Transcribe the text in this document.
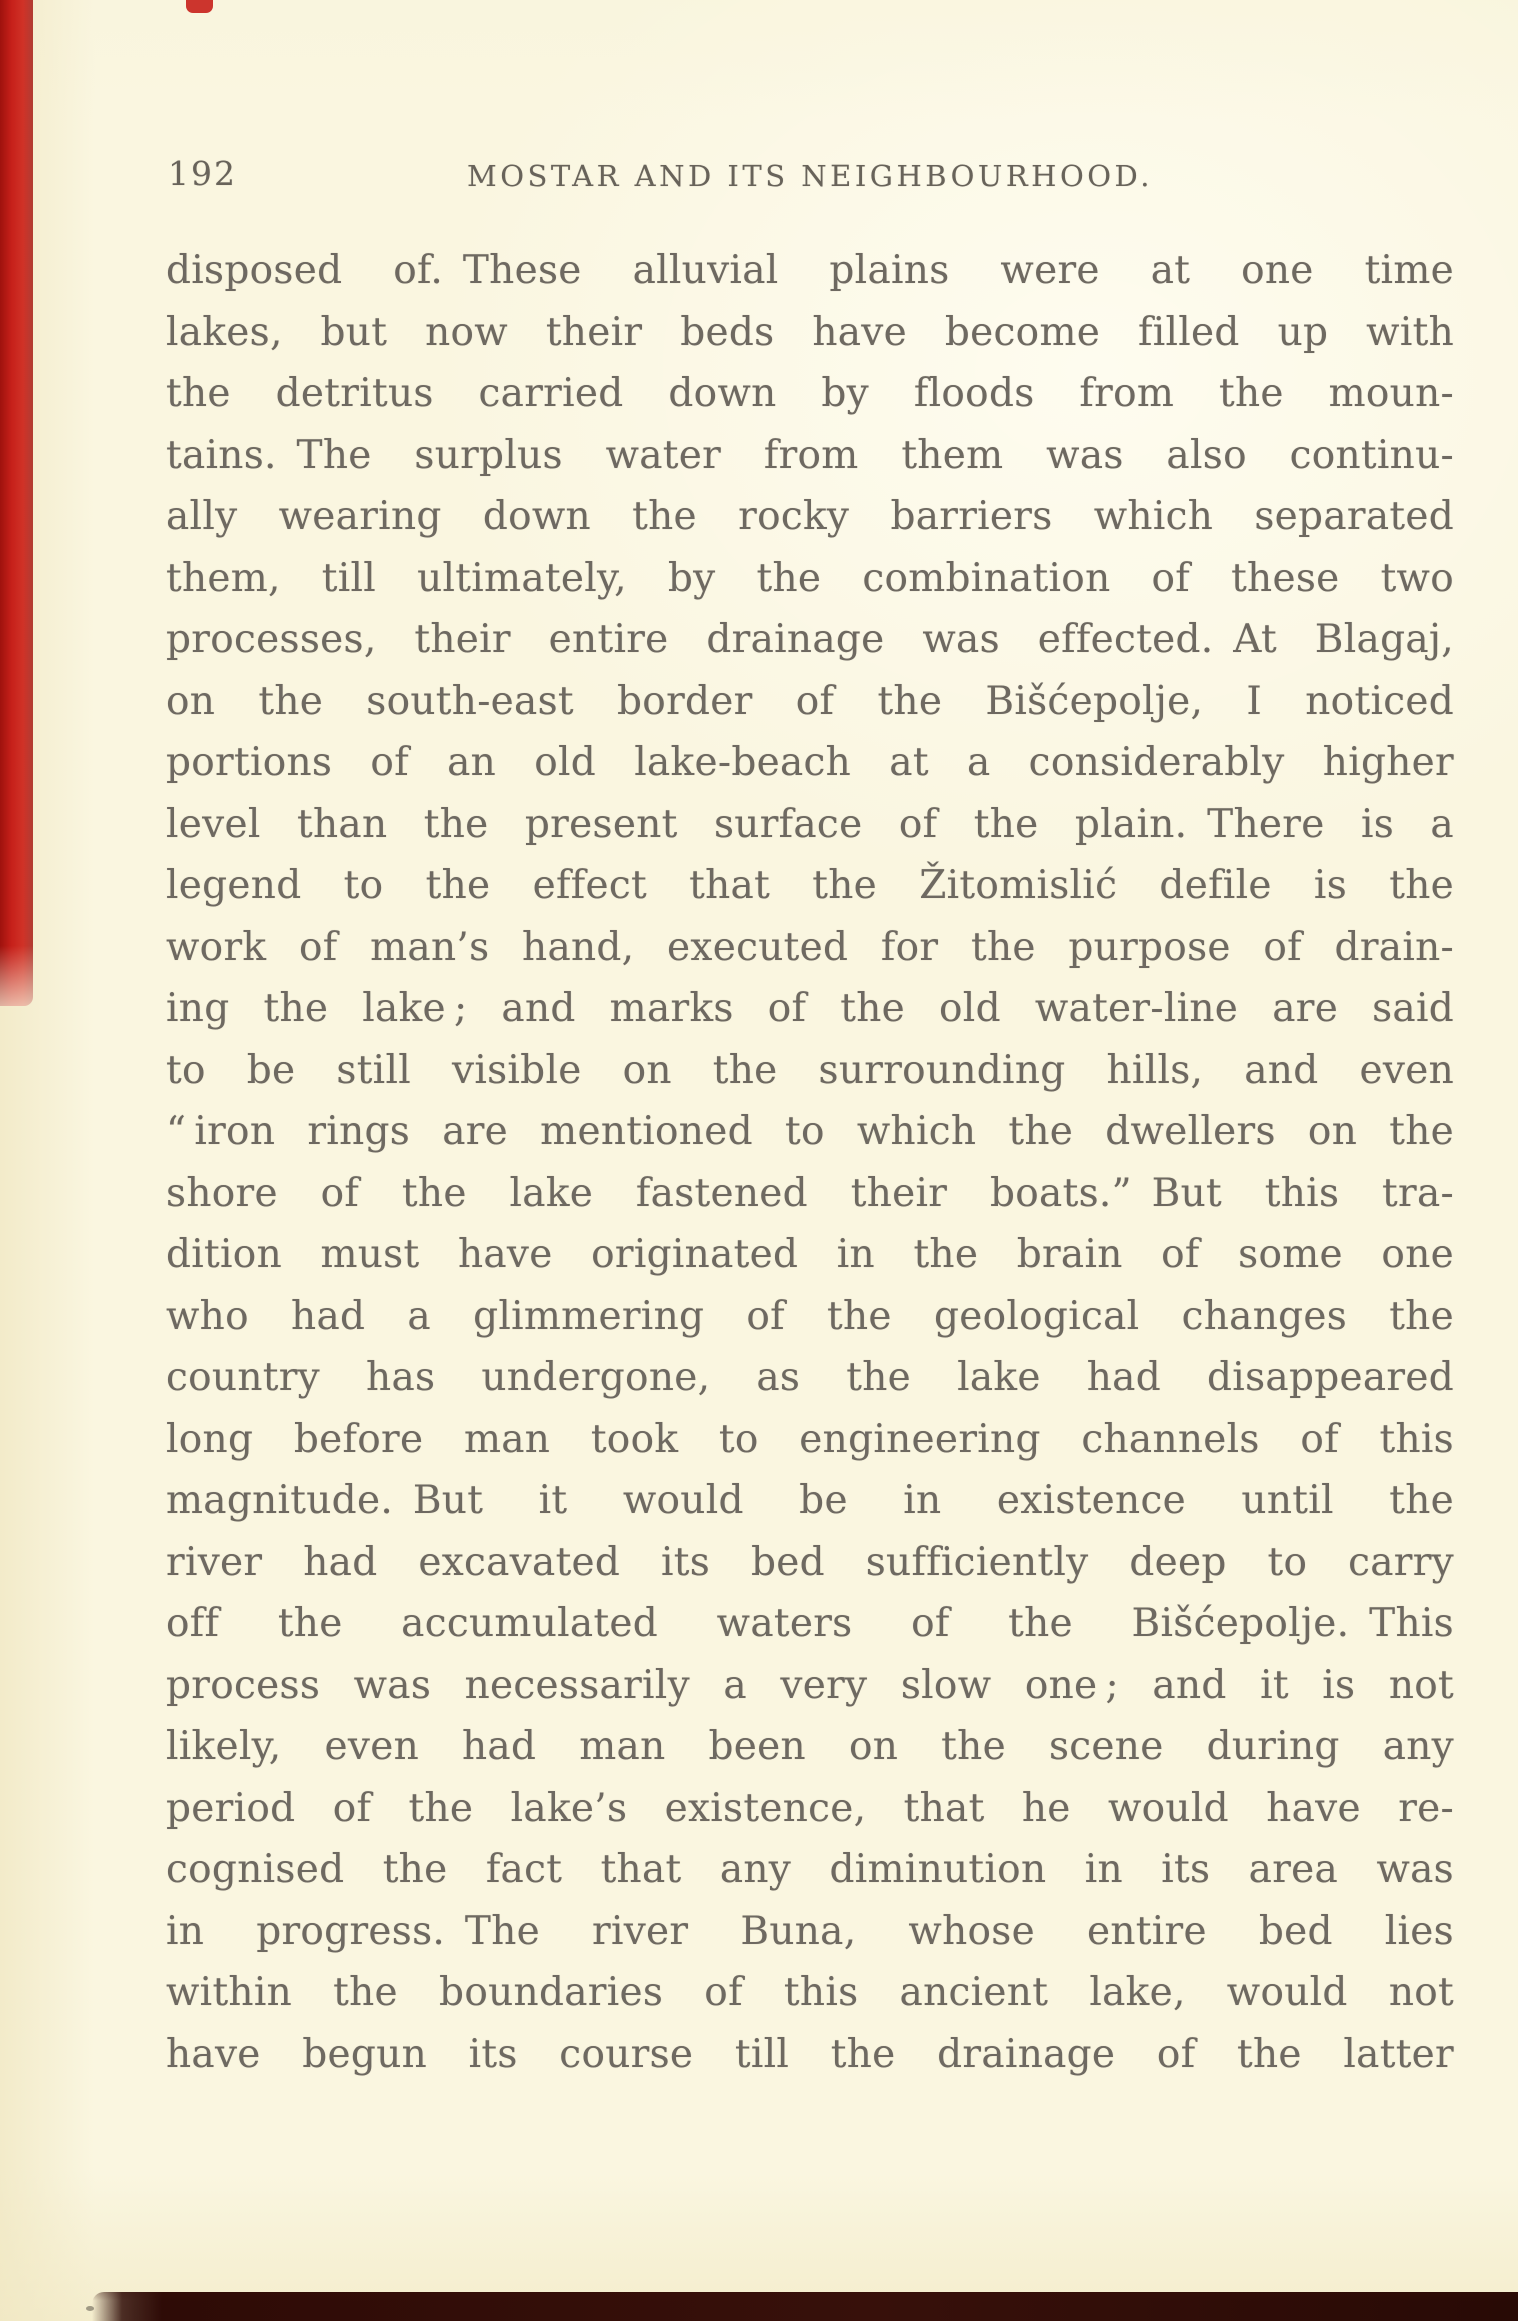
192	MOSTAR AND ITS NEIGHBOURHOOD.

disposed of. These alluvial plains were at one time

lakes, but now their beds have become filled up with

the detritus carried down by floods from the moun-

tains. The surplus water from them was also continu-

ally wearing down the rocky barriers which separated

them, till ultimately, by the combination of these two

processes, their entire drainage was effected. At Blagaj,

on the south-east border of the Bišćepolje, I noticed

portions of an old lake-beach at a considerably higher

level than the present surface of the plain. There is a

legend to the effect that the Žitomislić defile is the

work of man’s hand, executed for the purpose of drain-

ing the lake ; and marks of the old water-line are said

to be still visible on the surrounding hills, and even

“ iron rings are mentioned to which the dwellers on the

shore of the lake fastened their boats.” But this tra-

dition must have originated in the brain of some one

who had a glimmering of the geological changes the

country has undergone, as the lake had disappeared

long before man took to engineering channels of this

magnitude. But it would be in existence until the

river had excavated its bed sufficiently deep to carry

off the accumulated waters of the Bišćepolje. This

process was necessarily a very slow one ; and it is not

likely, even had man been on the scene during any

period of the lake’s existence, that he would have re-

cognised the fact that any diminution in its area was

in progress. The river Buna, whose entire bed lies

within the boundaries of this ancient lake, would not

have begun its course till the drainage of the latter
